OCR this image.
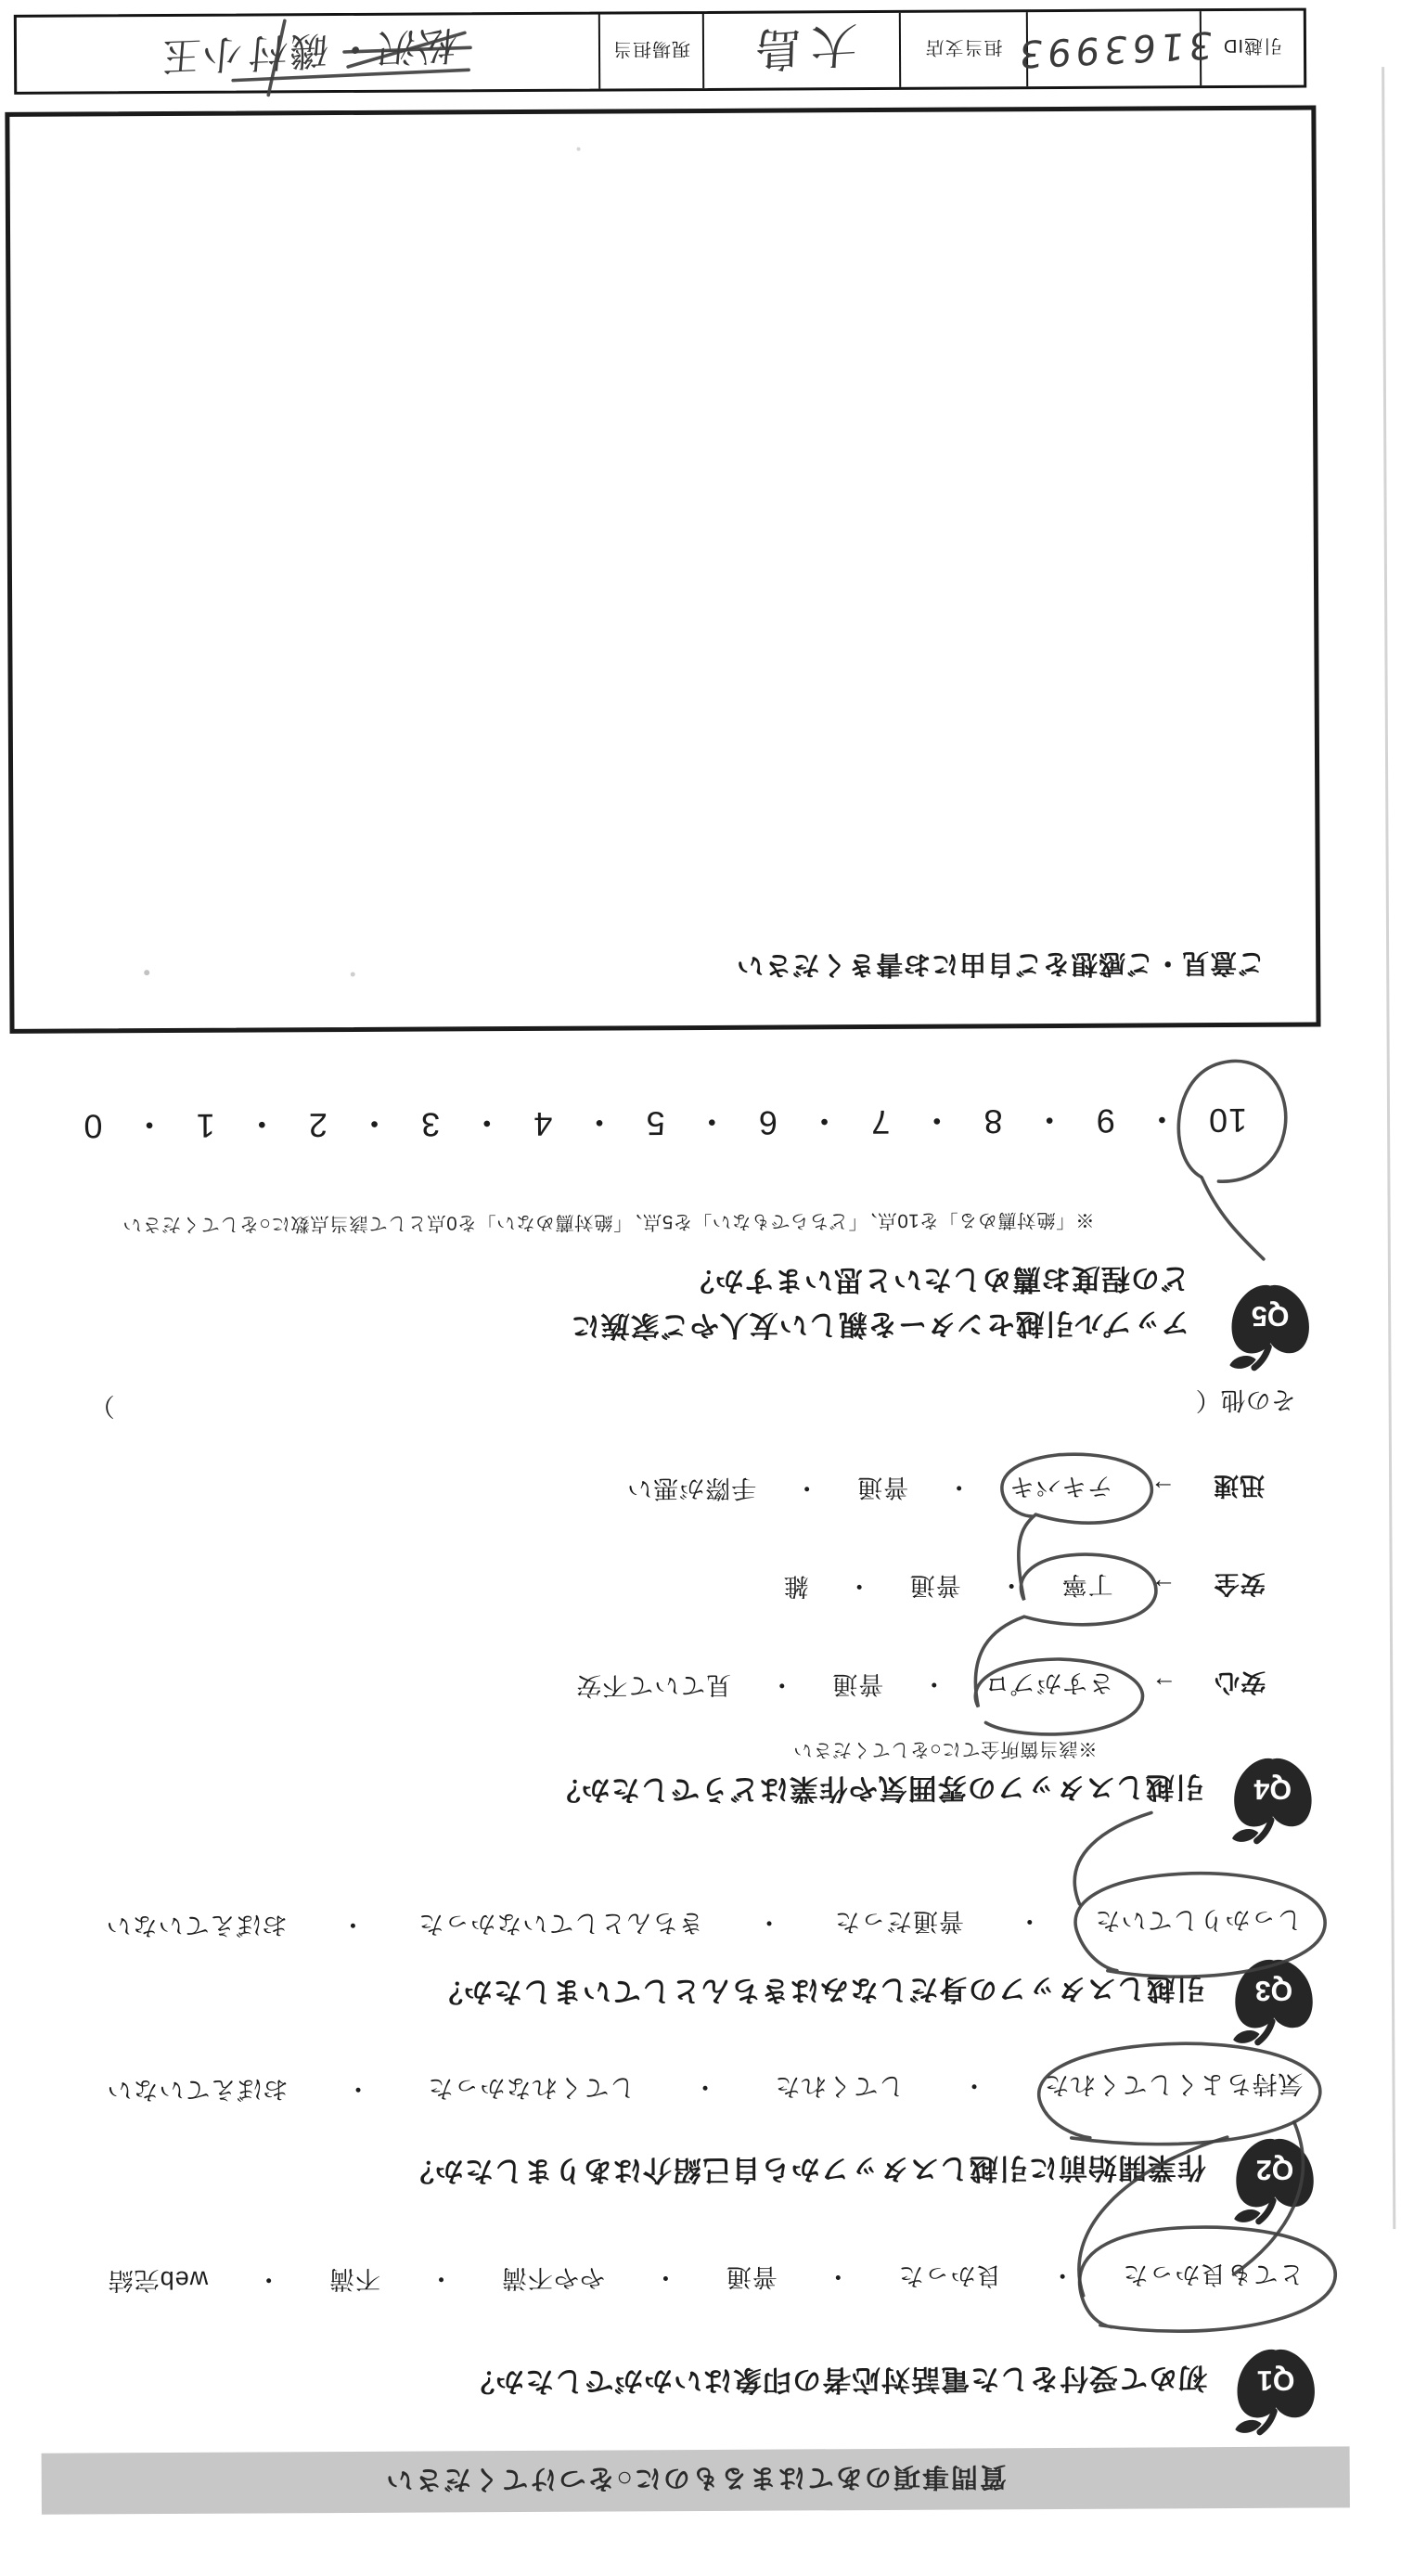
質問事項のあてはまるものに○をつけてください
Q1
初めて受付をした電話対応者の印象はいかがでしたか？
とても良かった
・
良かった
・
普通
・
やや不満
・
不満
・
web完結
Q2
作業開始前に引越しスタッフから自己紹介はありましたか？
気持ちよくしてくれた
・
してくれた
・
してくれなかった
・
おぼえていない
Q3
引越しスタッフの身だしなみはきちんとしていましたか？
しっかりしていた
・
普通だった
・
きちんとしていなかった
・
おぼえていない
Q4
引越しスタッフの雰囲気や作業はどうでしたか？
※該当箇所全てに○をしてください
安心
→
さすがプロ
・
普通
・
見ていて不安
安全
→
丁寧
・
普通
・
雑
迅速
→
テキパキ
・
普通
・
手際が悪い
その他（
）
Q5
アップル引越センターを親しい友人やご家族に
どの程度お薦めしたいと思いますか？
※「絶対薦める」を10点、「どちらでもない」を5点、「絶対薦めない」を0点として該当点数に○をしてください
10
・
9
・
8
・
7
・
6
・
5
・
4
・
3
・
2
・
1
・
0
ご意見・ご感想をご自由にお書きください
引越ID
3163993
担当支店
大島
現場担当
松沢・
磯村
小玉
